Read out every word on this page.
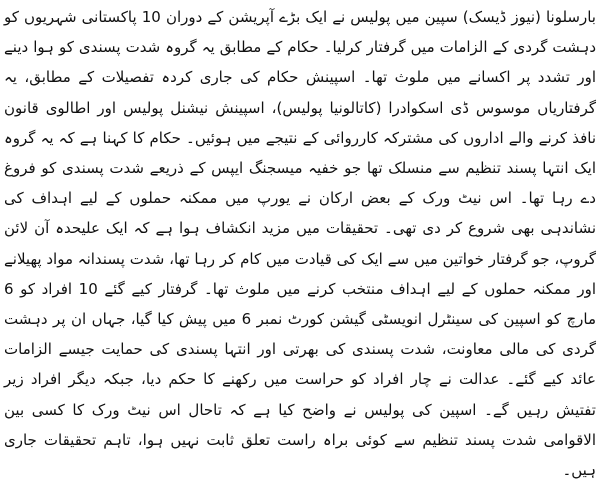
بارسلونا (نیوز ڈیسک) سپین میں پولیس نے ایک بڑے آپریشن کے دوران 10 پاکستانی شہریوں کو دہشت گردی کے الزامات میں گرفتار کرلیا۔ حکام کے مطابق یہ گروہ شدت پسندی کو ہوا دینے اور تشدد پر اکسانے میں ملوث تھا۔ اسپینش حکام کی جاری کردہ تفصیلات کے مطابق، یہ گرفتاریاں موسوس ڈی اسکوادرا (کاتالونیا پولیس)، اسپینش نیشنل پولیس اور اطالوی قانون نافذ کرنے والے اداروں کی مشترکہ کارروائی کے نتیجے میں ہوئیں۔ حکام کا کہنا ہے کہ یہ گروہ ایک انتہا پسند تنظیم سے منسلک تھا جو خفیہ میسجنگ ایپس کے ذریعے شدت پسندی کو فروغ دے رہا تھا۔ اس نیٹ ورک کے بعض ارکان نے یورپ میں ممکنہ حملوں کے لیے اہداف کی نشاندہی بھی شروع کر دی تھی۔ تحقیقات میں مزید انکشاف ہوا ہے کہ ایک علیحدہ آن لائن گروپ، جو گرفتار خواتین میں سے ایک کی قیادت میں کام کر رہا تھا، شدت پسندانہ مواد پھیلانے اور ممکنہ حملوں کے لیے اہداف منتخب کرنے میں ملوث تھا۔ گرفتار کیے گئے 10 افراد کو 6 مارچ کو اسپین کی سینٹرل انویسٹی گیشن کورٹ نمبر 6 میں پیش کیا گیا، جہاں ان پر دہشت گردی کی مالی معاونت، شدت پسندی کی بھرتی اور انتہا پسندی کی حمایت جیسے الزامات عائد کیے گئے۔ عدالت نے چار افراد کو حراست میں رکھنے کا حکم دیا، جبکہ دیگر افراد زیر تفتیش رہیں گے۔ اسپین کی پولیس نے واضح کیا ہے کہ تاحال اس نیٹ ورک کا کسی بین الاقوامی شدت پسند تنظیم سے کوئی براہ راست تعلق ثابت نہیں ہوا، تاہم تحقیقات جاری ہیں۔
